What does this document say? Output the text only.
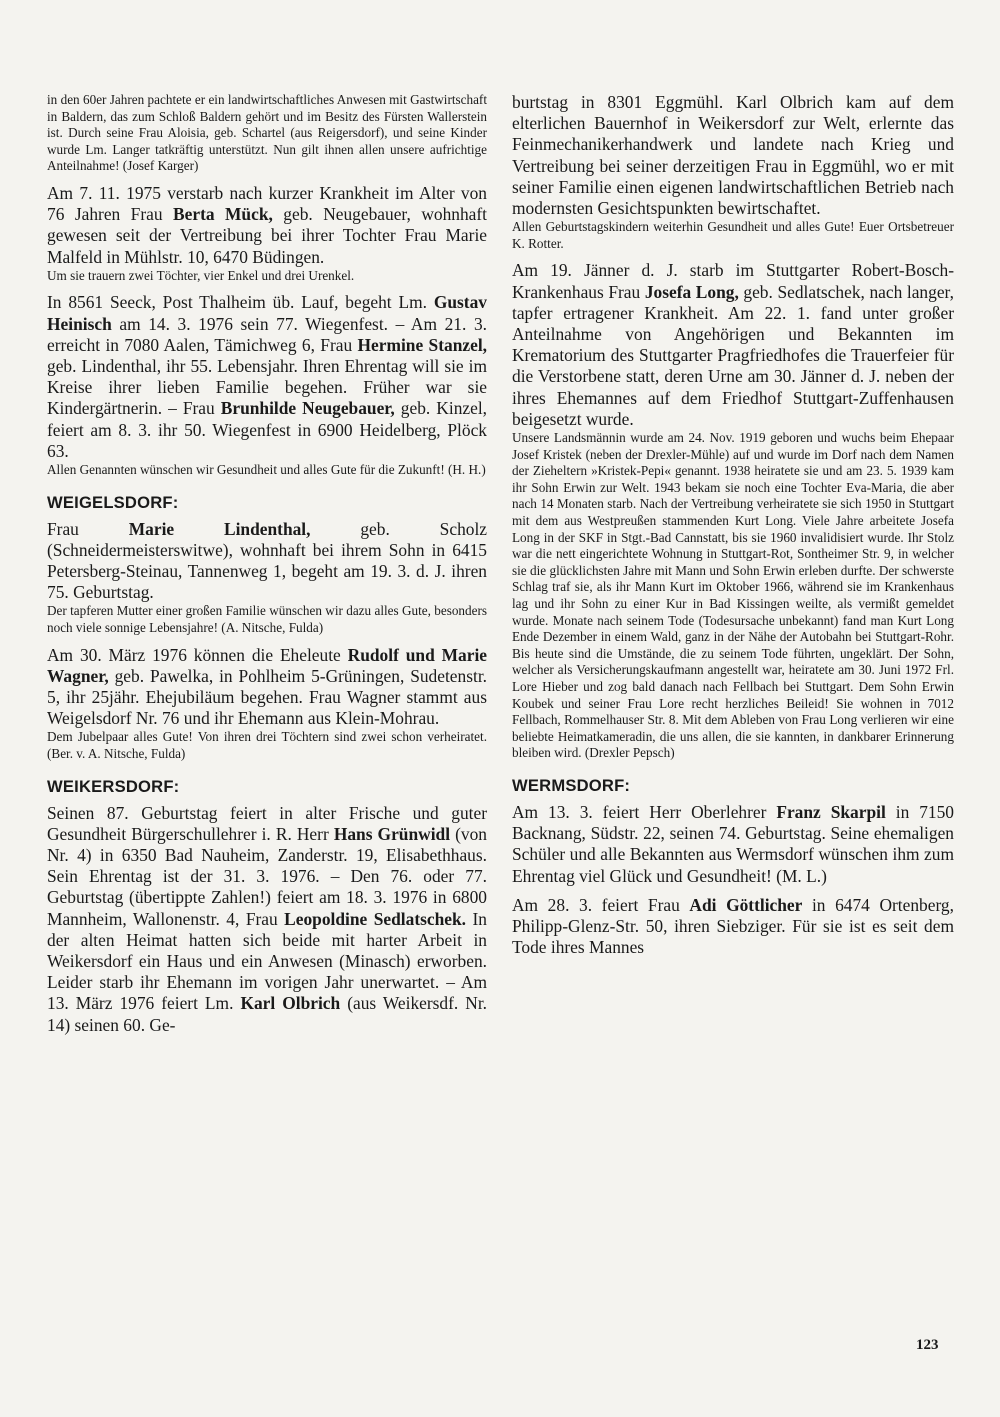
in den 60er Jahren pachtete er ein landwirtschaftliches Anwesen mit Gastwirtschaft in Baldern, das zum Schloß Baldern gehört und im Besitz des Fürsten Wallerstein ist. Durch seine Frau Aloisia, geb. Schartel (aus Reigersdorf), und seine Kinder wurde Lm. Langer tatkräftig unterstützt. Nun gilt ihnen allen unsere aufrichtige Anteilnahme! (Josef Karger)

Am 7. 11. 1975 verstarb nach kurzer Krankheit im Alter von 76 Jahren Frau Berta Mück, geb. Neugebauer, wohnhaft gewesen seit der Vertreibung bei ihrer Tochter Frau Marie Malfeld in Mühlstr. 10, 6470 Büdingen.

Um sie trauern zwei Töchter, vier Enkel und drei Urenkel.

In 8561 Seeck, Post Thalheim üb. Lauf, begeht Lm. Gustav Heinisch am 14. 3. 1976 sein 77. Wiegenfest. – Am 21. 3. erreicht in 7080 Aalen, Tämichweg 6, Frau Hermine Stanzel, geb. Lindenthal, ihr 55. Lebensjahr. Ihren Ehrentag will sie im Kreise ihrer lieben Familie begehen. Früher war sie Kindergärtnerin. – Frau Brunhilde Neugebauer, geb. Kinzel, feiert am 8. 3. ihr 50. Wiegenfest in 6900 Heidelberg, Plöck 63.

Allen Genannten wünschen wir Gesundheit und alles Gute für die Zukunft! (H. H.)

WEIGELSDORF:

Frau Marie Lindenthal, geb. Scholz (Schneidermeisterswitwe), wohnhaft bei ihrem Sohn in 6415 Petersberg-Steinau, Tannenweg 1, begeht am 19. 3. d. J. ihren 75. Geburtstag.

Der tapferen Mutter einer großen Familie wünschen wir dazu alles Gute, besonders noch viele sonnige Lebensjahre! (A. Nitsche, Fulda)

Am 30. März 1976 können die Eheleute Rudolf und Marie Wagner, geb. Pawelka, in Pohlheim 5-Grüningen, Sudetenstr. 5, ihr 25jähr. Ehejubiläum begehen. Frau Wagner stammt aus Weigelsdorf Nr. 76 und ihr Ehemann aus Klein-Mohrau.

Dem Jubelpaar alles Gute! Von ihren drei Töchtern sind zwei schon verheiratet. (Ber. v. A. Nitsche, Fulda)

WEIKERSDORF:

Seinen 87. Geburtstag feiert in alter Frische und guter Gesundheit Bürgerschullehrer i. R. Herr Hans Grünwidl (von Nr. 4) in 6350 Bad Nauheim, Zanderstr. 19, Elisabethhaus. Sein Ehrentag ist der 31. 3. 1976. – Den 76. oder 77. Geburtstag (übertippte Zahlen!) feiert am 18. 3. 1976 in 6800 Mannheim, Wallonenstr. 4, Frau Leopoldine Sedlatschek. In der alten Heimat hatten sich beide mit harter Arbeit in Weikersdorf ein Haus und ein Anwesen (Minasch) erworben. Leider starb ihr Ehemann im vorigen Jahr unerwartet. – Am 13. März 1976 feiert Lm. Karl Olbrich (aus Weikersdf. Nr. 14) seinen 60. Ge-

burtstag in 8301 Eggmühl. Karl Olbrich kam auf dem elterlichen Bauernhof in Weikersdorf zur Welt, erlernte das Feinmechanikerhandwerk und landete nach Krieg und Vertreibung bei seiner derzeitigen Frau in Eggmühl, wo er mit seiner Familie einen eigenen landwirtschaftlichen Betrieb nach modernsten Gesichtspunkten bewirtschaftet.

Allen Geburtstagskindern weiterhin Gesundheit und alles Gute! Euer Ortsbetreuer K. Rotter.

Am 19. Jänner d. J. starb im Stuttgarter Robert-Bosch-Krankenhaus Frau Josefa Long, geb. Sedlatschek, nach langer, tapfer ertragener Krankheit. Am 22. 1. fand unter großer Anteilnahme von Angehörigen und Bekannten im Krematorium des Stuttgarter Pragfriedhofes die Trauerfeier für die Verstorbene statt, deren Urne am 30. Jänner d. J. neben der ihres Ehemannes auf dem Friedhof Stuttgart-Zuffenhausen beigesetzt wurde.

Unsere Landsmännin wurde am 24. Nov. 1919 geboren und wuchs beim Ehepaar Josef Kristek (neben der Drexler-Mühle) auf und wurde im Dorf nach dem Namen der Zieheltern »Kristek-Pepi« genannt. 1938 heiratete sie und am 23. 5. 1939 kam ihr Sohn Erwin zur Welt. 1943 bekam sie noch eine Tochter Eva-Maria, die aber nach 14 Monaten starb. Nach der Vertreibung verheiratete sie sich 1950 in Stuttgart mit dem aus Westpreußen stammenden Kurt Long. Viele Jahre arbeitete Josefa Long in der SKF in Stgt.-Bad Cannstatt, bis sie 1960 invalidisiert wurde. Ihr Stolz war die nett eingerichtete Wohnung in Stuttgart-Rot, Sontheimer Str. 9, in welcher sie die glücklichsten Jahre mit Mann und Sohn Erwin erleben durfte. Der schwerste Schlag traf sie, als ihr Mann Kurt im Oktober 1966, während sie im Krankenhaus lag und ihr Sohn zu einer Kur in Bad Kissingen weilte, als vermißt gemeldet wurde. Monate nach seinem Tode (Todesursache unbekannt) fand man Kurt Long Ende Dezember in einem Wald, ganz in der Nähe der Autobahn bei Stuttgart-Rohr. Bis heute sind die Umstände, die zu seinem Tode führten, ungeklärt. Der Sohn, welcher als Versicherungskaufmann angestellt war, heiratete am 30. Juni 1972 Frl. Lore Hieber und zog bald danach nach Fellbach bei Stuttgart. Dem Sohn Erwin Koubek und seiner Frau Lore recht herzliches Beileid! Sie wohnen in 7012 Fellbach, Rommelhauser Str. 8. Mit dem Ableben von Frau Long verlieren wir eine beliebte Heimatkameradin, die uns allen, die sie kannten, in dankbarer Erinnerung bleiben wird. (Drexler Pepsch)

WERMSDORF:

Am 13. 3. feiert Herr Oberlehrer Franz Skarpil in 7150 Backnang, Südstr. 22, seinen 74. Geburtstag. Seine ehemaligen Schüler und alle Bekannten aus Wermsdorf wünschen ihm zum Ehrentag viel Glück und Gesundheit! (M. L.)

Am 28. 3. feiert Frau Adi Göttlicher in 6474 Ortenberg, Philipp-Glenz-Str. 50, ihren Siebziger. Für sie ist es seit dem Tode ihres Mannes

123
